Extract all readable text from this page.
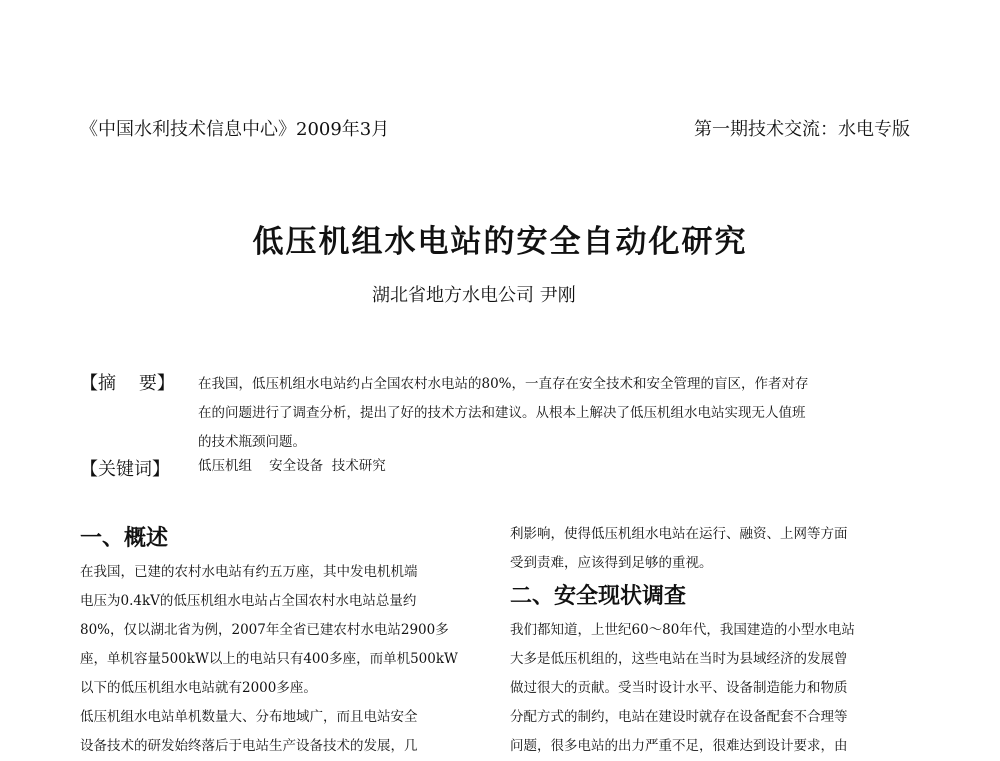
《中国水利技术信息中心》2009年3月	第一期技术交流：水电专版
低压机组水电站的安全自动化研究
湖北省地方水电公司 尹刚
【摘    要】 在我国，低压机组水电站约占全国农村水电站的80%，一直存在安全技术和安全管理的盲区，作者对存

在的问题进行了调查分析，提出了好的技术方法和建议。从根本上解决了低压机组水电站实现无人值班

的技术瓶颈问题。

【关键词】 低压机组    安全设备  技术研究
一、概述

在我国，已建的农村水电站有约五万座，其中发电机机端

电压为0.4kV的低压机组水电站占全国农村水电站总量约

80%，仅以湖北省为例，2007年全省已建农村水电站2900多

座，单机容量500kW以上的电站只有400多座，而单机500kW

以下的低压机组水电站就有2000多座。

低压机组水电站单机数量大、分布地域广，而且电站安全

设备技术的研发始终落后于电站生产设备技术的发展，几

利影响，使得低压机组水电站在运行、融资、上网等方面

受到责难，应该得到足够的重视。

二、安全现状调查

我们都知道，上世纪60～80年代，我国建造的小型水电站

大多是低压机组的，这些电站在当时为县域经济的发展曾

做过很大的贡献。受当时设计水平、设备制造能力和物质

分配方式的制约，电站在建设时就存在设备配套不合理等

问题，很多电站的出力严重不足，很难达到设计要求，由
